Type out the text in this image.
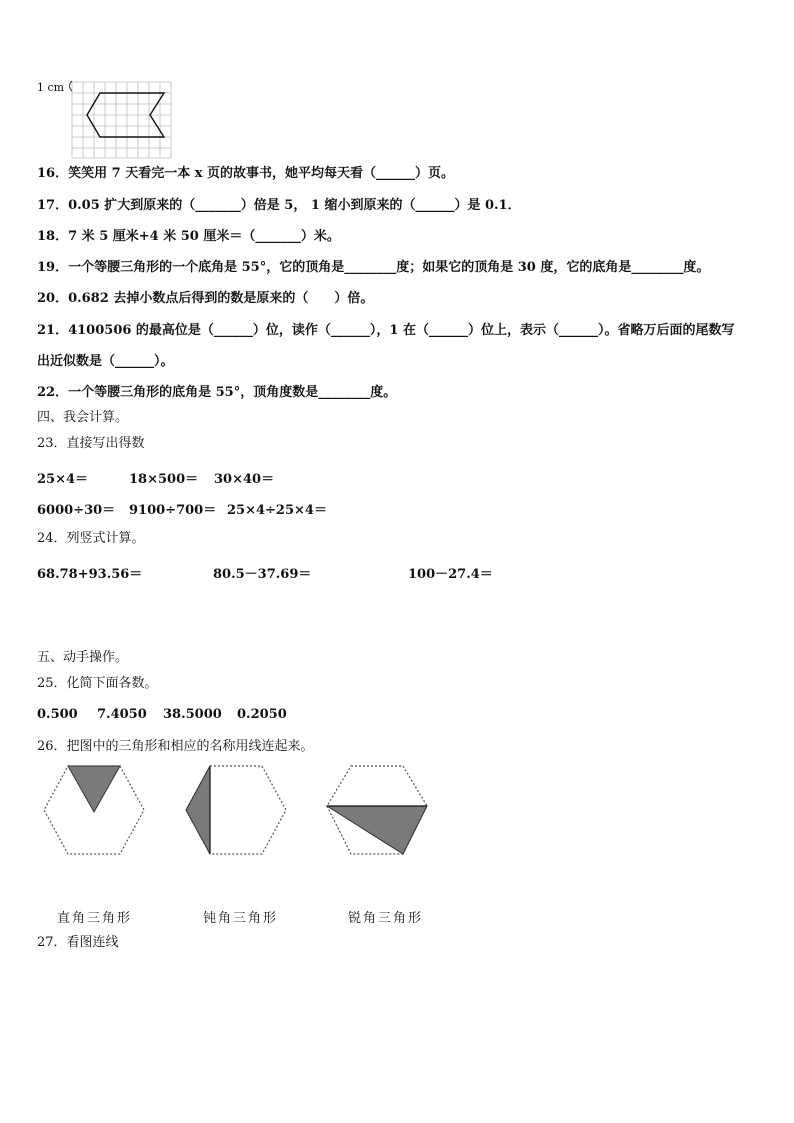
1 cm
16．笑笑用 7 天看完一本 x 页的故事书，她平均每天看（______）页。
17．0.05 扩大到原来的（_______）倍是 5， 1 缩小到原来的（______）是 0.1．
18．7 米 5 厘米+4 米 50 厘米＝（_______）米。
19．一个等腰三角形的一个底角是 55°，它的顶角是________度；如果它的顶角是 30 度，它的底角是________度。
20．0.682 去掉小数点后得到的数是原来的（　　）倍。
21．4100506 的最高位是（______）位，读作（______），1 在（______）位上，表示（______）。省略万后面的尾数写
出近似数是（______）。
22．一个等腰三角形的底角是 55°，顶角度数是________度。
四、我会计算。
23．直接写出得数
25×4＝	18×500＝ 30×40＝
6000÷30＝ 9100÷700＝ 25×4÷25×4＝
24．列竖式计算。
68.78+93.56＝	80.5－37.69＝	100－27.4＝
五、动手操作。
25．化简下面各数。
0.500 7.4050 38.5000 0.2050
26．把图中的三角形和相应的名称用线连起来。
直角三角形	钝角三角形	锐角三角形
27．看图连线
